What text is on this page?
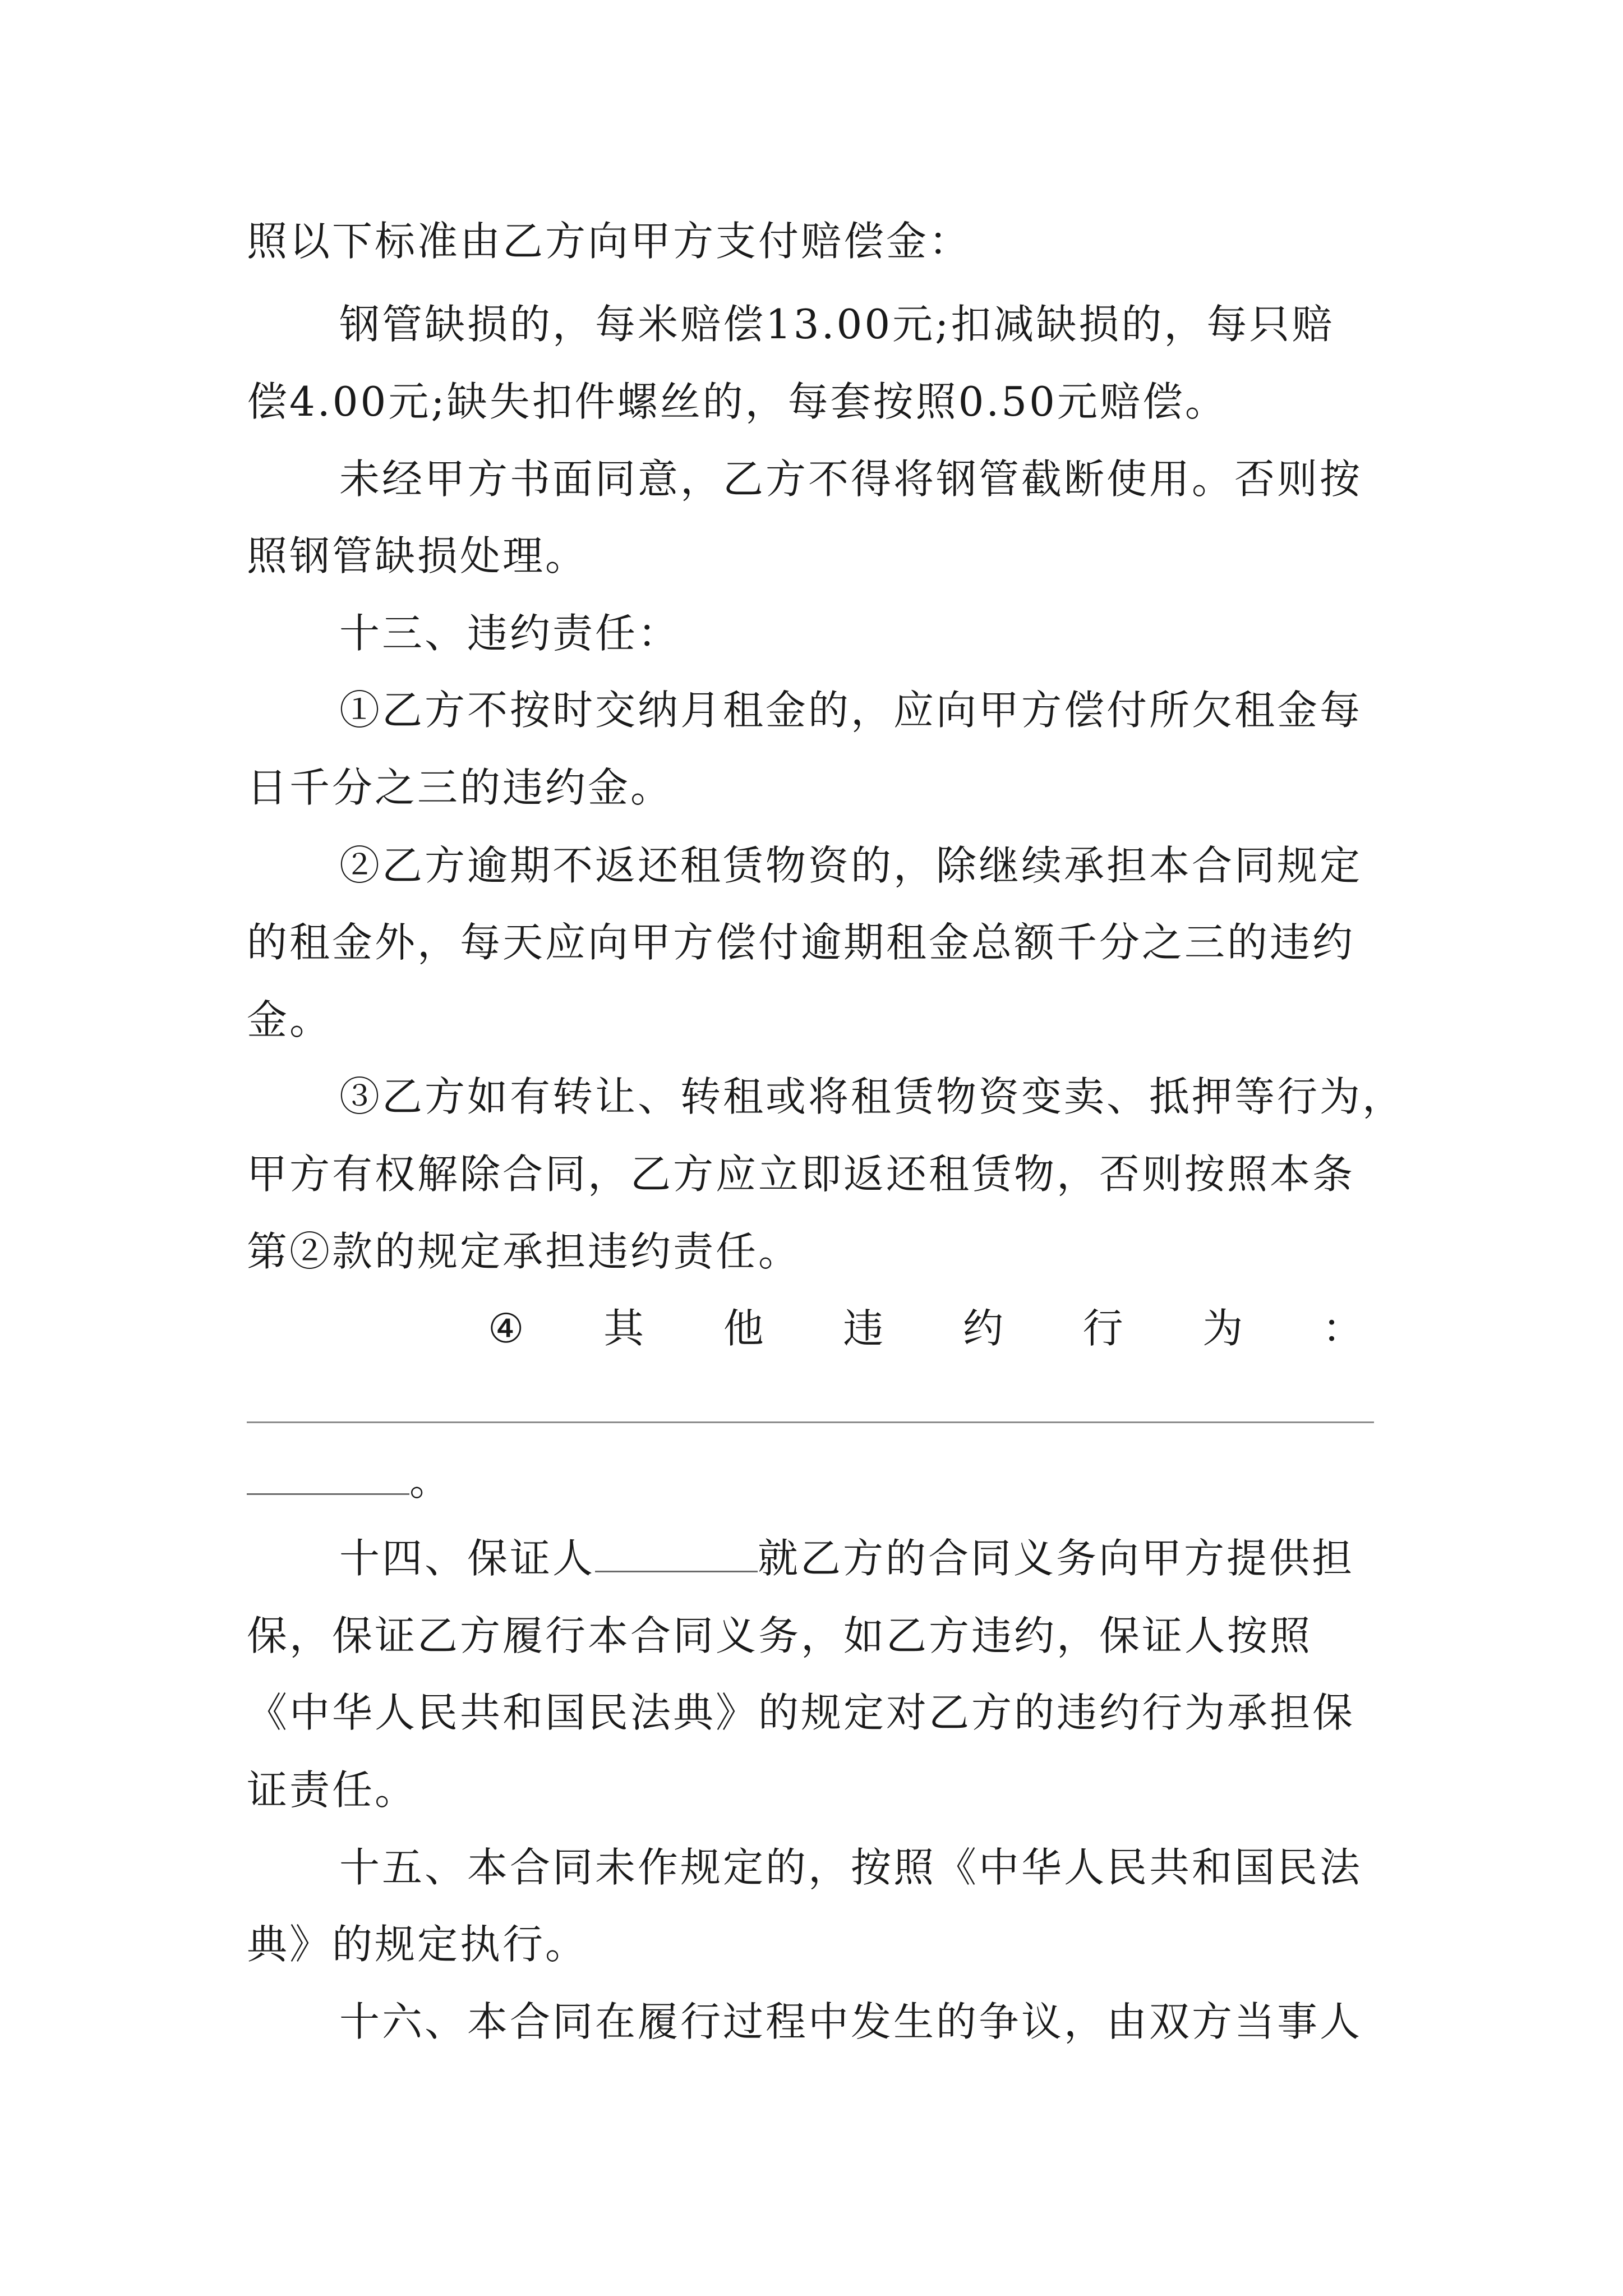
照以下标准由乙方向甲方支付赔偿金：
钢管缺损的，每米赔偿13.00元;扣减缺损的，每只赔
偿4.00元;缺失扣件螺丝的，每套按照0.50元赔偿。
未经甲方书面同意，乙方不得将钢管截断使用。否则按
照钢管缺损处理。
十三、违约责任：
①乙方不按时交纳月租金的，应向甲方偿付所欠租金每
日千分之三的违约金。
②乙方逾期不返还租赁物资的，除继续承担本合同规定
的租金外，每天应向甲方偿付逾期租金总额千分之三的违约
金。
③乙方如有转让、转租或将租赁物资变卖、抵押等行为，
甲方有权解除合同，乙方应立即返还租赁物，否则按照本条
第②款的规定承担违约责任。
④ 其 他 违 约 行 为 ：
。
十四、保证人	就乙方的合同义务向甲方提供担
保，保证乙方履行本合同义务，如乙方违约，保证人按照
《中华人民共和国民法典》的规定对乙方的违约行为承担保
证责任。
十五、本合同未作规定的，按照《中华人民共和国民法
典》的规定执行。
十六、本合同在履行过程中发生的争议，由双方当事人
